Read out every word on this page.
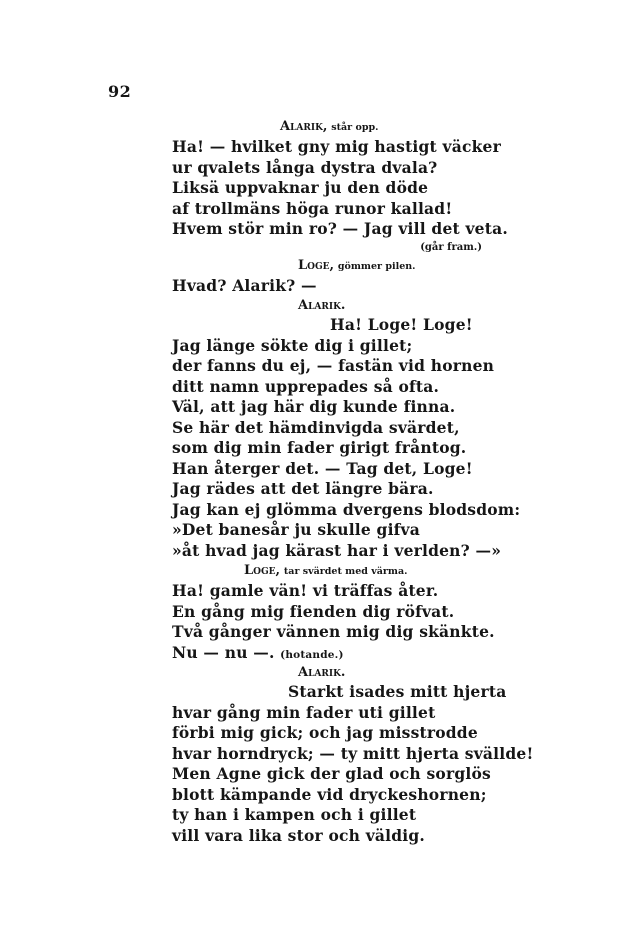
92
Alarik, står opp.
Ha! — hvilket gny mig hastigt väcker
ur qvalets långa dystra dvala?
Liksä uppvaknar ju den döde
af trollmäns höga runor kallad!
Hvem stör min ro? — Jag vill det veta.
(går fram.)
Loge, gömmer pilen.
Hvad? Alarik? —
Alarik.
Ha! Loge! Loge!
Jag länge sökte dig i gillet;
der fanns du ej, — fastän vid hornen
ditt namn upprepades så ofta.
Väl, att jag här dig kunde finna.
Se här det hämdinvigda svärdet,
som dig min fader girigt fråntog.
Han återger det. — Tag det, Loge!
Jag rädes att det längre bära.
Jag kan ej glömma dvergens blodsdom:
»Det banesår ju skulle gifva
»åt hvad jag kärast har i verlden? —»
Loge, tar svärdet med värma.
Ha! gamle vän! vi träffas åter.
En gång mig fienden dig röfvat.
Två gånger vännen mig dig skänkte.
Nu — nu —. (hotande.)
Alarik.
Starkt isades mitt hjerta
hvar gång min fader uti gillet
förbi mig gick; och jag misstrodde
hvar horndryck; — ty mitt hjerta svällde!
Men Agne gick der glad och sorglös
blott kämpande vid dryckeshornen;
ty han i kampen och i gillet
vill vara lika stor och väldig.
